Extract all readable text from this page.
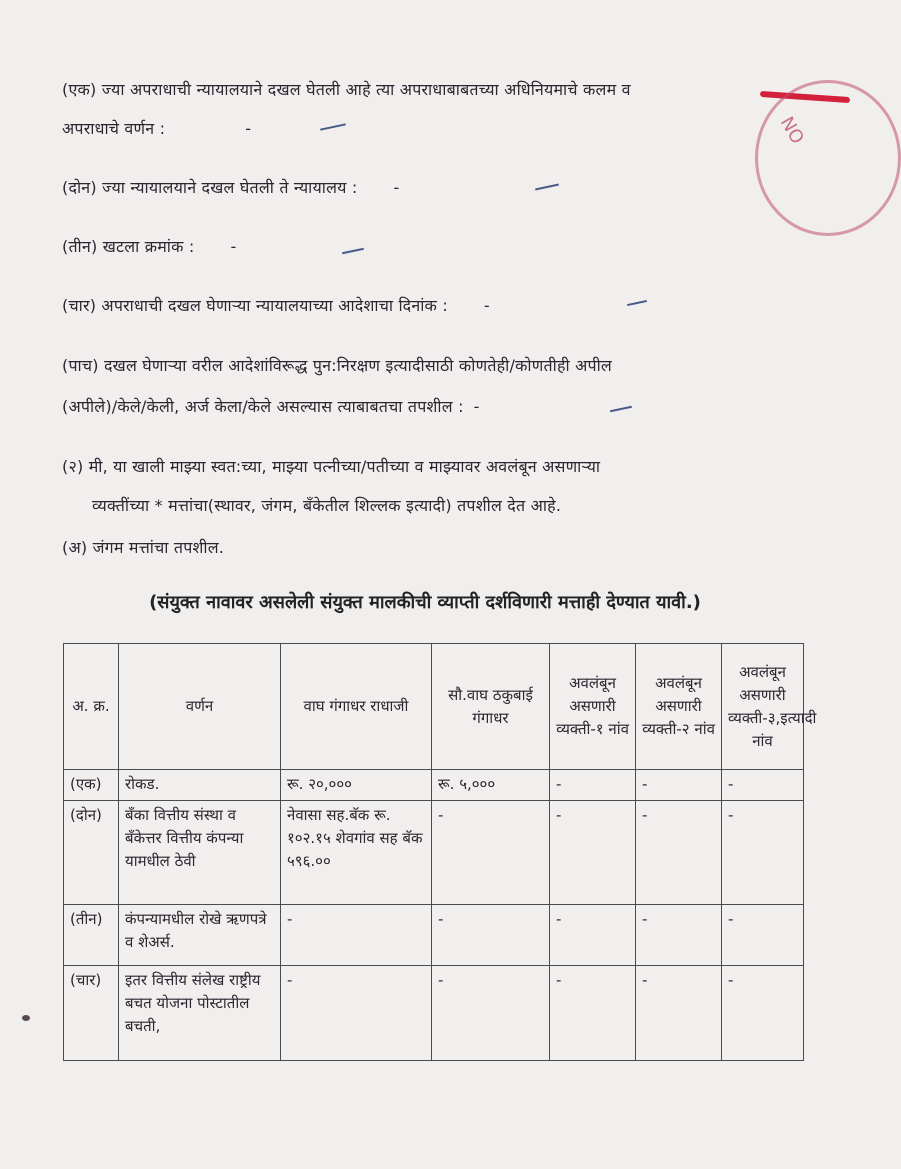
NO
(एक) ज्या अपराधाची न्यायालयाने दखल घेतली आहे त्या अपराधाबाबतच्या अधिनियमाचे कलम व
अपराधाचे वर्णन :	-
(दोन) ज्या न्यायालयाने दखल घेतली ते न्यायालय : -
(तीन) खटला क्रमांक : -
(चार) अपराधाची दखल घेणाऱ्या न्यायालयाच्या आदेशाचा दिनांक : -
(पाच) दखल घेणाऱ्या वरील आदेशांविरूद्ध पुन:निरक्षण इत्यादीसाठी कोणतेही/कोणतीही अपील
(अपीले)/केले/केली, अर्ज केला/केले असल्यास त्याबाबतचा तपशील : -
(२) मी, या खाली माझ्या स्वत:च्या, माझ्या पत्नीच्या/पतीच्या व माझ्यावर अवलंबून असणाऱ्या
व्यक्तींच्या * मत्तांचा(स्थावर, जंगम, बॅंकेतील शिल्लक इत्यादी) तपशील देत आहे.
(अ) जंगम मत्तांचा तपशील.
(संयुक्त नावावर असलेली संयुक्त मालकीची व्याप्ती दर्शविणारी मत्ताही देण्यात यावी.)
अ. क्र.	वर्णन	वाघ गंगाधर राधाजी	सौ.वाघ ठकुबाई गंगाधर	अवलंबून असणारी व्यक्ती-१ नांव	अवलंबून असणारी व्यक्ती-२ नांव	अवलंबून असणारी व्यक्ती-३,इत्यादी नांव
(एक)	रोकड.	रू. २०,०००	रू. ५,०००	-	-	-
(दोन)	बॅंका वित्तीय संस्था व बॅंकेत्तर वित्तीय कंपन्या यामधील ठेवी	नेवासा सह.बॅक रू. १०२.१५ शेवगांव सह बॅक ५९६.००	-	-	-	-
(तीन)	कंपन्यामधील रोखे ऋणपत्रे व शेअर्स.	-	-	-	-	-
(चार)	इतर वित्तीय संलेख राष्ट्रीय बचत योजना पोस्टातील बचती,	-	-	-	-	-
